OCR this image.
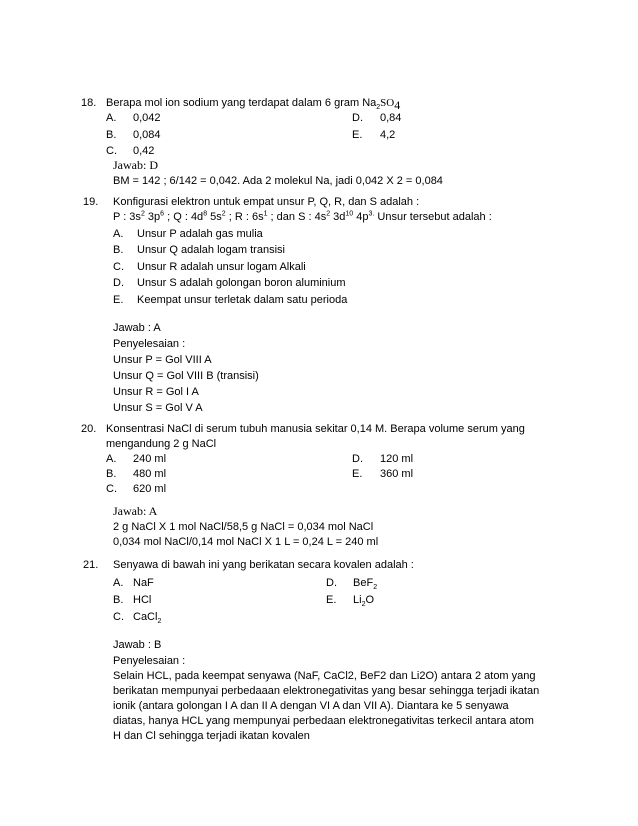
18. Berapa mol ion sodium yang terdapat dalam 6 gram $Na_2SO_4$
A. 0,042
B. 0,084
C. 0,42
D. 0,84
E. 4,2
Jawab: D
BM = 142 ; 6/142 = 0,042. Ada 2 molekul Na, jadi 0,042 X 2 = 0,084
19. Konfigurasi elektron untuk empat unsur P, Q, R, dan S adalah :
P : $3s^2$ $3p^6$ ; Q : $4d^8$ $5s^2$ ; R : $6s^1$ ; dan S : $4s^2$ $3d^{10}$ $4p^{3.}$ Unsur tersebut adalah :
A. Unsur P adalah gas mulia
B. Unsur Q adalah logam transisi
C. Unsur R adalah unsur logam Alkali
D. Unsur S adalah golongan boron aluminium
E. Keempat unsur terletak dalam satu perioda
Jawab : A
Penyelesaian :
Unsur P = Gol VIII A
Unsur Q = Gol VIII B (transisi)
Unsur R = Gol I A
Unsur S = Gol V A
20. Konsentrasi NaCl di serum tubuh manusia sekitar 0,14 M. Berapa volume serum yang
mengandung 2 g NaCl
A. 240 ml
B. 480 ml
C. 620 ml
D. 120 ml
E. 360 ml
Jawab: A
2 g NaCl X 1 mol NaCl/58,5 g NaCl = 0,034 mol NaCl
0,034 mol NaCl/0,14 mol NaCl X 1 L = 0,24 L = 240 ml
21. Senyawa di bawah ini yang berikatan secara kovalen adalah :
A. NaF
B. HCl
C. CaCl$_2$
D. BeF$_2$
E. $Li_2O$
Jawab : B
Penyelesaian :
Selain HCL, pada keempat senyawa (NaF, CaCl2, BeF2 dan Li2O) antara 2 atom yang
berikatan mempunyai perbedaaan elektronegativitas yang besar sehingga terjadi ikatan
ionik (antara golongan I A dan II A dengan VI A dan VII A). Diantara ke 5 senyawa
diatas, hanya HCL yang mempunyai perbedaan elektronegativitas terkecil antara atom
H dan Cl sehingga terjadi ikatan kovalen
